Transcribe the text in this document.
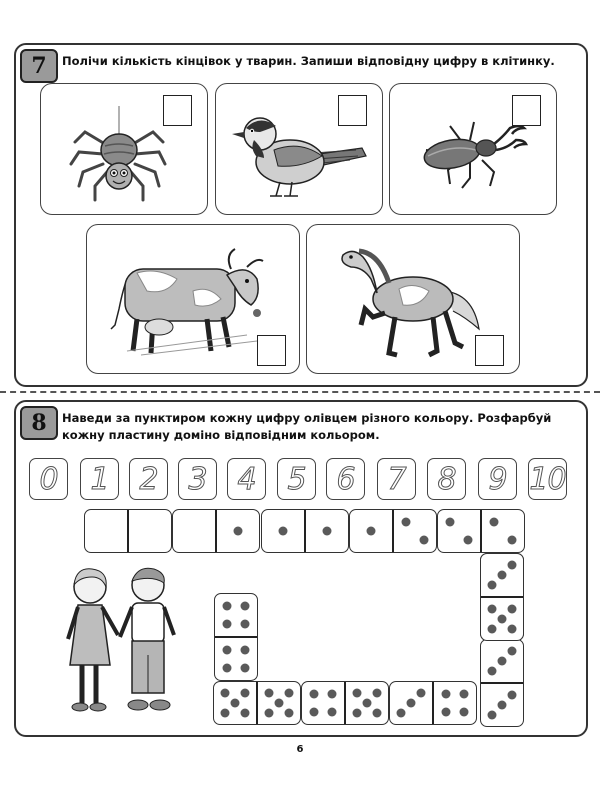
7	Полічи кількість кінцівок у тварин. Запиши відповідну цифру в клітинку.
8	Наведи за пунктиром кожну цифру олівцем різного кольору. Розфарбуй кожну пластину доміно відповідним кольором.
0 1 2 3 4 5 6 7 8 9 10
6
